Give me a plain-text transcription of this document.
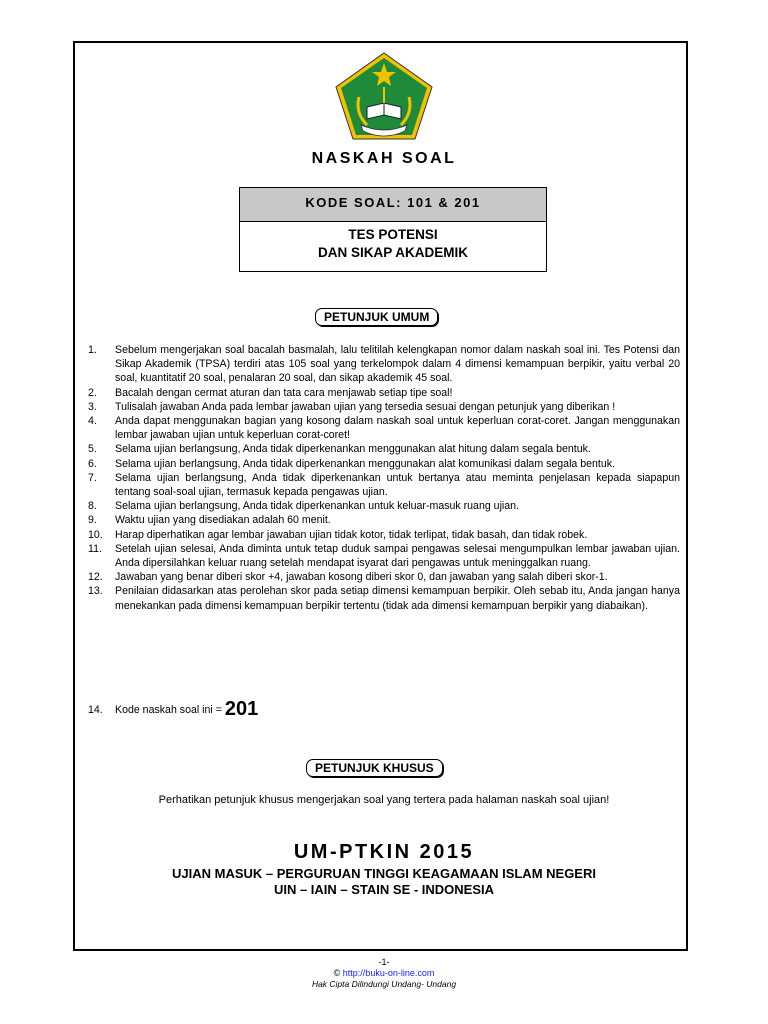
NASKAH SOAL
KODE SOAL: 101 & 201
TES POTENSI
DAN SIKAP AKADEMIK
PETUNJUK UMUM
1. Sebelum mengerjakan soal bacalah basmalah, lalu telitilah kelengkapan nomor dalam naskah soal ini. Tes Potensi dan Sikap Akademik (TPSA) terdiri atas 105 soal yang terkelompok dalam 4 dimensi kemampuan berpikir, yaitu verbal 20 soal, kuantitatif 20 soal, penalaran 20 soal, dan sikap akademik 45 soal.
2. Bacalah dengan cermat aturan dan tata cara menjawab setiap tipe soal!
3. Tulisalah jawaban Anda pada lembar jawaban ujian yang tersedia sesuai dengan petunjuk yang diberikan !
4. Anda dapat menggunakan bagian yang kosong dalam naskah soal untuk keperluan corat-coret. Jangan menggunakan lembar jawaban ujian untuk keperluan corat-coret!
5. Selama ujian berlangsung, Anda tidak diperkenankan menggunakan alat hitung dalam segala bentuk.
6. Selama ujian berlangsung, Anda tidak diperkenankan menggunakan alat komunikasi dalam segala bentuk.
7. Selama ujian berlangsung, Anda tidak diperkenankan untuk bertanya atau meminta penjelasan kepada siapapun tentang soal-soal ujian, termasuk kepada pengawas ujian.
8. Selama ujian berlangsung, Anda tidak diperkenankan untuk keluar-masuk ruang ujian.
9. Waktu ujian yang disediakan adalah 60 menit.
10. Harap diperhatikan agar lembar jawaban ujian tidak kotor, tidak terlipat, tidak basah, dan tidak robek.
11. Setelah ujian selesai, Anda diminta untuk tetap duduk sampai pengawas selesai mengumpulkan lembar jawaban ujian. Anda dipersilahkan keluar ruang setelah mendapat isyarat dari pengawas untuk meninggalkan ruang.
12. Jawaban yang benar diberi skor +4, jawaban kosong diberi skor 0, dan jawaban yang salah diberi skor-1.
13. Penilaian didasarkan atas perolehan skor pada setiap dimensi kemampuan berpikir. Oleh sebab itu, Anda jangan hanya menekankan pada dimensi kemampuan berpikir tertentu (tidak ada dimensi kemampuan berpikir yang diabaikan).
14. Kode naskah soal ini = 201
PETUNJUK KHUSUS
Perhatikan petunjuk khusus mengerjakan soal yang tertera pada halaman naskah soal ujian!
UM-PTKIN 2015
UJIAN MASUK – PERGURUAN TINGGI KEAGAMAAN ISLAM NEGERI
UIN – IAIN – STAIN SE - INDONESIA
-1-
© http://buku-on-line.com
Hak Cipta Dilindungi Undang- Undang
